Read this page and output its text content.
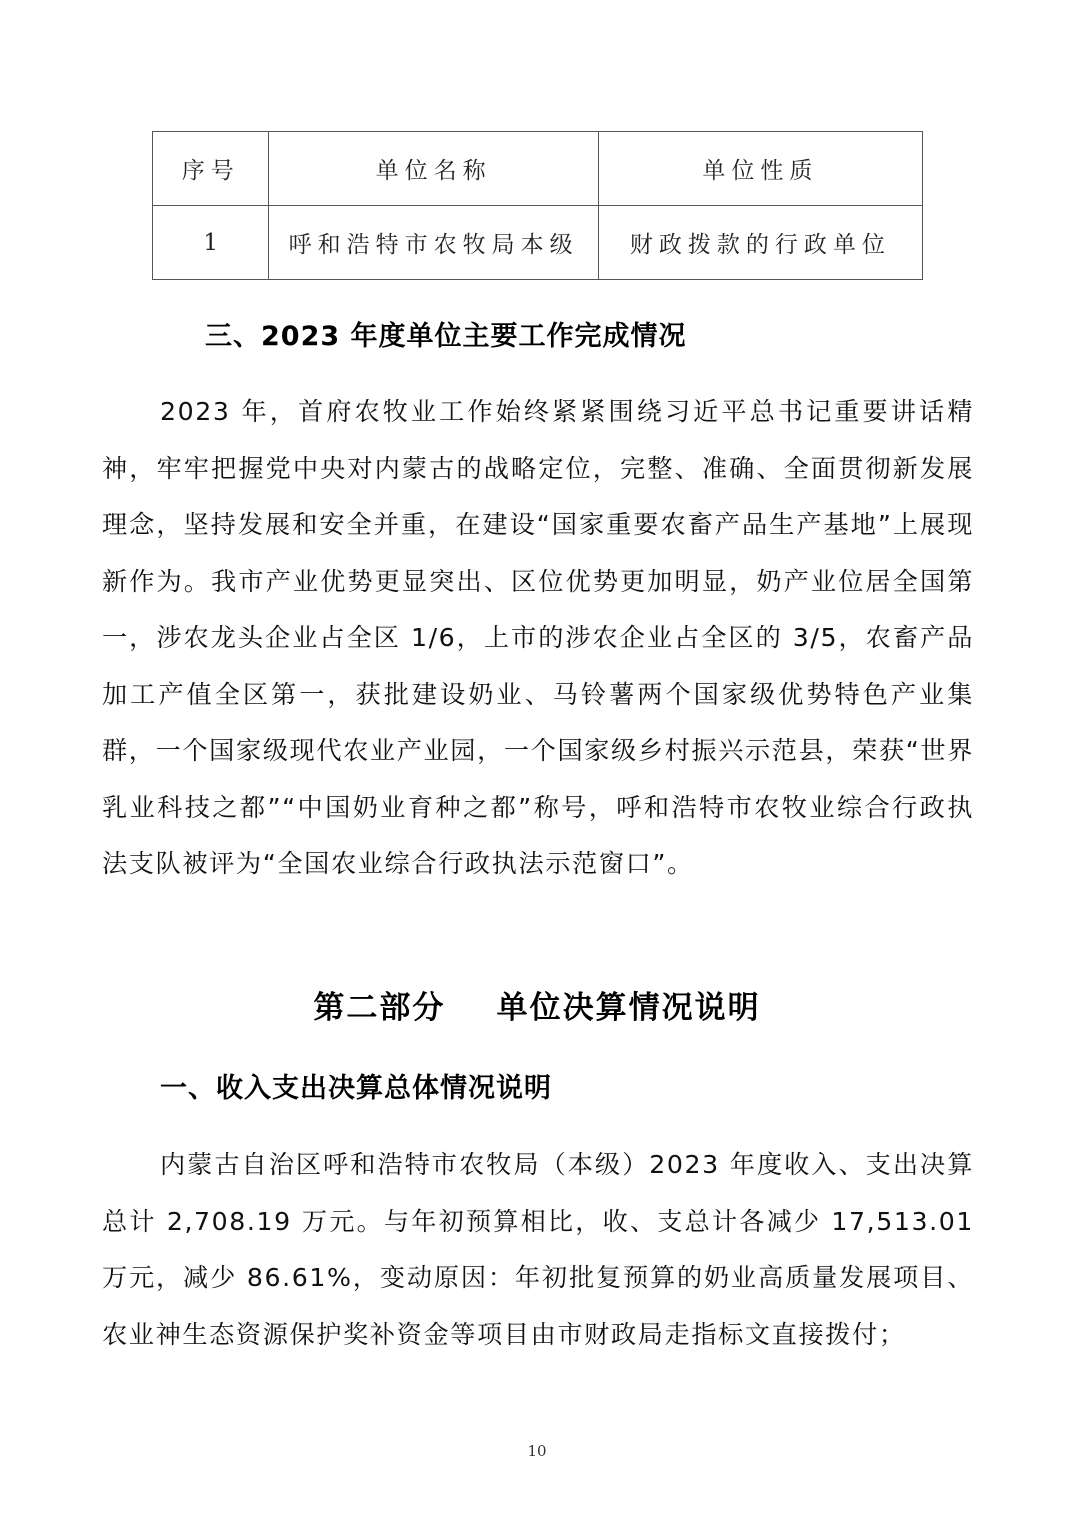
序号	单位名称	单位性质
1	呼和浩特市农牧局本级	财政拨款的行政单位
三、2023 年度单位主要工作完成情况
2023 年，首府农牧业工作始终紧紧围绕习近平总书记重要讲话精神，牢牢把握党中央对内蒙古的战略定位，完整、准确、全面贯彻新发展理念，坚持发展和安全并重，在建设“国家重要农畜产品生产基地”上展现新作为。我市产业优势更显突出、区位优势更加明显，奶产业位居全国第一，涉农龙头企业占全区 1/6，上市的涉农企业占全区的 3/5，农畜产品加工产值全区第一，获批建设奶业、马铃薯两个国家级优势特色产业集群，一个国家级现代农业产业园，一个国家级乡村振兴示范县，荣获“世界乳业科技之都”“中国奶业育种之都”称号，呼和浩特市农牧业综合行政执法支队被评为“全国农业综合行政执法示范窗口”。
第二部分    单位决算情况说明
一、收入支出决算总体情况说明
内蒙古自治区呼和浩特市农牧局（本级）2023 年度收入、支出决算总计 2,708.19 万元。与年初预算相比，收、支总计各减少 17,513.01 万元，减少 86.61%，变动原因：年初批复预算的奶业高质量发展项目、农业神生态资源保护奖补资金等项目由市财政局走指标文直接拨付；
10
